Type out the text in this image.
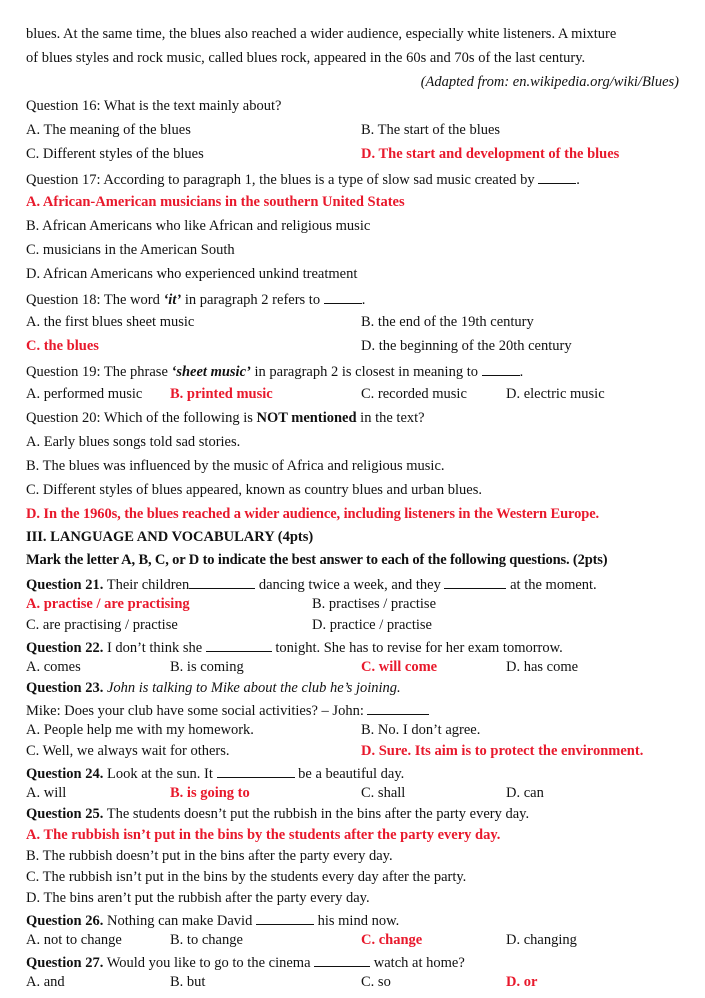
blues. At the same time, the blues also reached a wider audience, especially white listeners. A mixture
of blues styles and rock music, called blues rock, appeared in the 60s and 70s of the last century.
(Adapted from: en.wikipedia.org/wiki/Blues)
Question 16: What is the text mainly about?
A. The meaning of the blues	B. The start of the blues
C. Different styles of the blues	D. The start and development of the blues
Question 17: According to paragraph 1, the blues is a type of slow sad music created by	.
A. African-American musicians in the southern United States
B. African Americans who like African and religious music
C. musicians in the American South
D. African Americans who experienced unkind treatment
Question 18: The word ‘it’ in paragraph 2 refers to	.
A. the first blues sheet music	B. the end of the 19th century
C. the blues	D. the beginning of the 20th century
Question 19: The phrase ‘sheet music’ in paragraph 2 is closest in meaning to	.
A. performed music B. printed music	C. recorded music	D. electric music
Question 20: Which of the following is NOT mentioned in the text?
A. Early blues songs told sad stories.
B. The blues was influenced by the music of Africa and religious music.
C. Different styles of blues appeared, known as country blues and urban blues.
D. In the 1960s, the blues reached a wider audience, including listeners in the Western Europe.
III. LANGUAGE AND VOCABULARY (4pts)
Mark the letter A, B, C, or D to indicate the best answer to each of the following questions. (2pts)
Question 21. Their children	dancing twice a week, and they	at the moment.
A. practise / are practising	B. practises / practise
C. are practising / practise	D. practice / practise
Question 22. I don’t think she	tonight. She has to revise for her exam tomorrow.
A. comes	B. is coming	C. will come	D. has come
Question 23. John is talking to Mike about the club he’s joining.
Mike: Does your club have some social activities? – John:
A. People help me with my homework.	B. No. I don’t agree.
C. Well, we always wait for others.	D. Sure. Its aim is to protect the environment.
Question 24. Look at the sun. It	be a beautiful day.
A. will	B. is going to	C. shall	D. can
Question 25. The students doesn’t put the rubbish in the bins after the party every day.
A. The rubbish isn’t put in the bins by the students after the party every day.
B. The rubbish doesn’t put in the bins after the party every day.
C. The rubbish isn’t put in the bins by the students every day after the party.
D. The bins aren’t put the rubbish after the party every day.
Question 26. Nothing can make David	his mind now.
A. not to change	B. to change	C. change	D. changing
Question 27. Would you like to go to the cinema	watch at home?
A. and	B. but	C. so	D. or
